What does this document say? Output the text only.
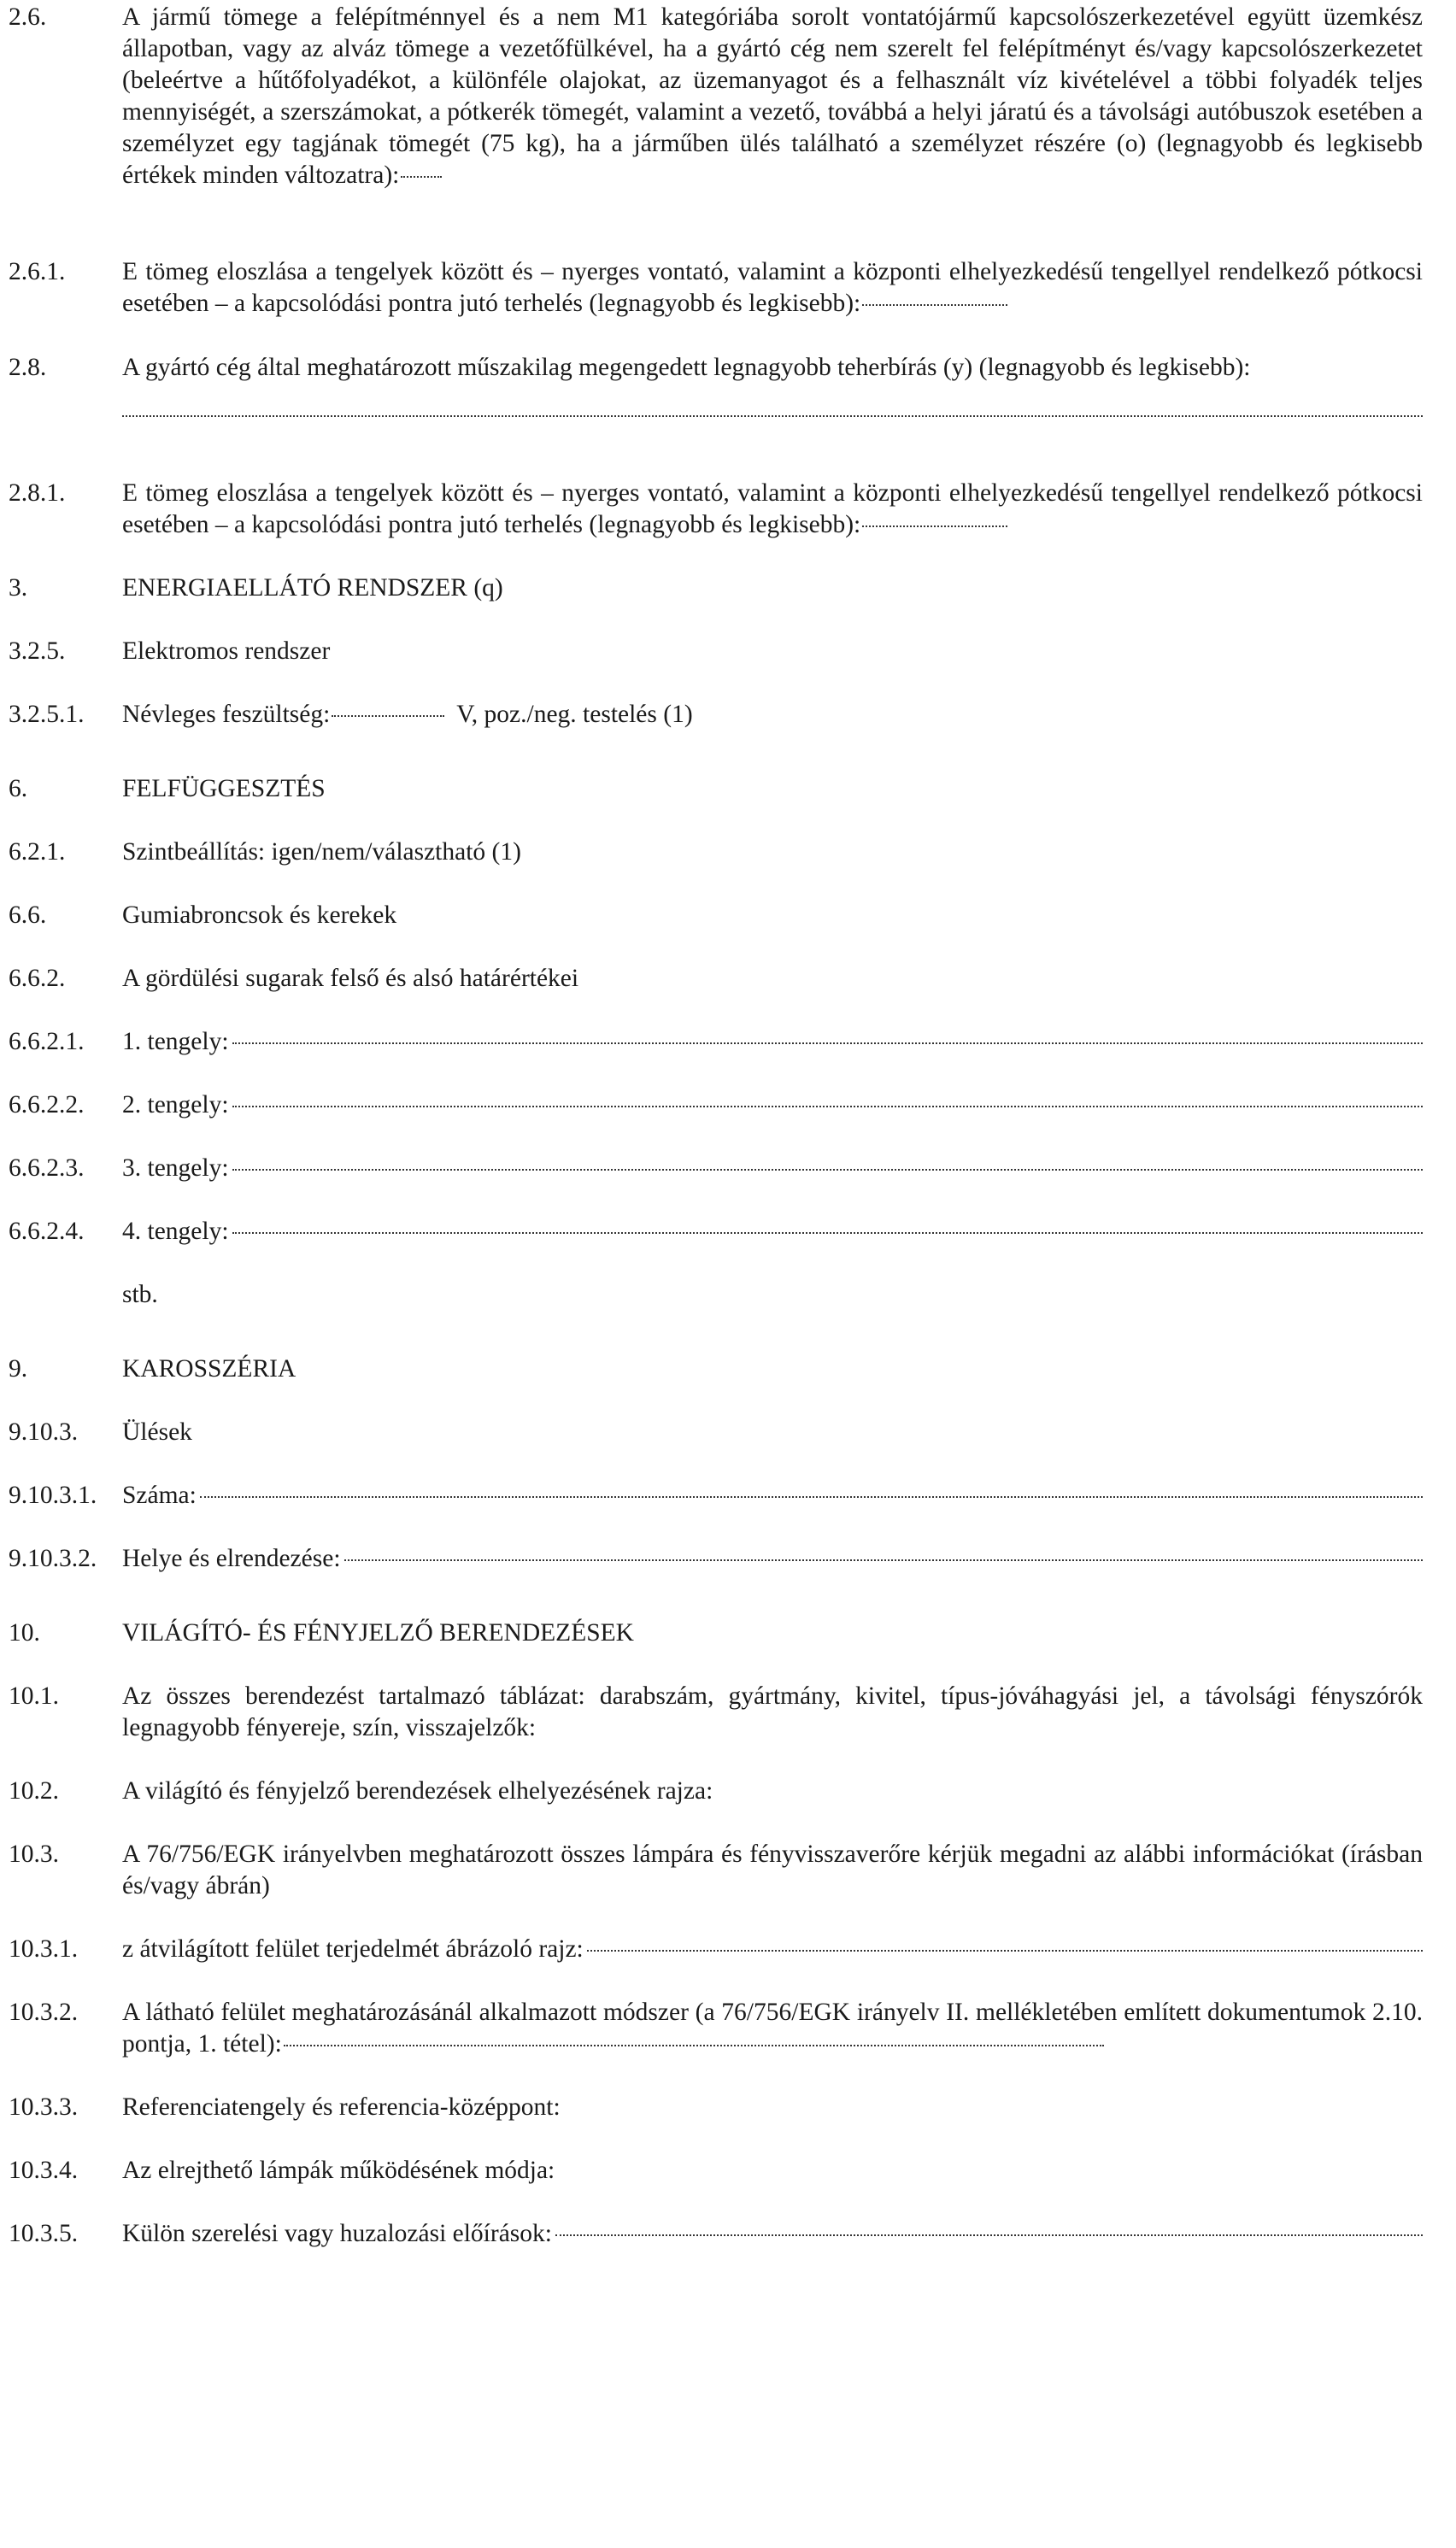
2.6.	A jármű tömege a felépítménnyel és a nem M1 kategóriába sorolt vontatójármű kapcsolószerkezetével együtt üzemkész állapotban, vagy az alváz tömege a vezetőfülkével, ha a gyártó cég nem szerelt fel felépítményt és/vagy kapcsolószerkezetet (beleértve a hűtőfolyadékot, a különféle olajokat, az üzemanyagot és a felhasznált víz kivételével a többi folyadék teljes mennyiségét, a szerszámokat, a pótkerék tömegét, valamint a vezető, továbbá a helyi járatú és a távolsági autóbuszok esetében a személyzet egy tagjának tömegét (75 kg), ha a járműben ülés található a személyzet részére (o) (legnagyobb és legkisebb értékek minden változatra):
2.6.1. E tömeg eloszlása a tengelyek között és – nyerges vontató, valamint a központi elhelyezkedésű tengellyel rendelkező pótkocsi esetében – a kapcsolódási pontra jutó terhelés (legnagyobb és legkisebb):
2.8.	A gyártó cég által meghatározott műszakilag megengedett legnagyobb teherbírás (y) (legnagyobb és legkisebb):
2.8.1. E tömeg eloszlása a tengelyek között és – nyerges vontató, valamint a központi elhelyezkedésű tengellyel rendelkező pótkocsi esetében – a kapcsolódási pontra jutó terhelés (legnagyobb és legkisebb):
3.	ENERGIAELLÁTÓ RENDSZER (q)
3.2.5. Elektromos rendszer
3.2.5.1. Névleges feszültség:	V, poz./neg. testelés (1)
6.	FELFÜGGESZTÉS
6.2.1. Szintbeállítás: igen/nem/választható (1)
6.6.	Gumiabroncsok és kerekek
6.6.2. A gördülési sugarak felső és alsó határértékei
6.6.2.1. 1. tengely:
6.6.2.2. 2. tengely:
6.6.2.3. 3. tengely:
6.6.2.4. 4. tengely:
stb.
9.	KAROSSZÉRIA
9.10.3. Ülések
9.10.3.1. Száma:
9.10.3.2. Helye és elrendezése:
10.	VILÁGÍTÓ- ÉS FÉNYJELZŐ BERENDEZÉSEK
10.1.	Az összes berendezést tartalmazó táblázat: darabszám, gyártmány, kivitel, típus-jóváhagyási jel, a távolsági fényszórók legnagyobb fényereje, szín, visszajelzők:
10.2.	A világító és fényjelző berendezések elhelyezésének rajza:
10.3.	A 76/756/EGK irányelvben meghatározott összes lámpára és fényvisszaverőre kérjük megadni az alábbi információkat (írásban és/vagy ábrán)
10.3.1. z átvilágított felület terjedelmét ábrázoló rajz:
10.3.2. A látható felület meghatározásánál alkalmazott módszer (a 76/756/EGK irányelv II. mellékletében említett dokumentumok 2.10. pontja, 1. tétel):
10.3.3. Referenciatengely és referencia-középpont:
10.3.4. Az elrejthető lámpák működésének módja:
10.3.5. Külön szerelési vagy huzalozási előírások:
